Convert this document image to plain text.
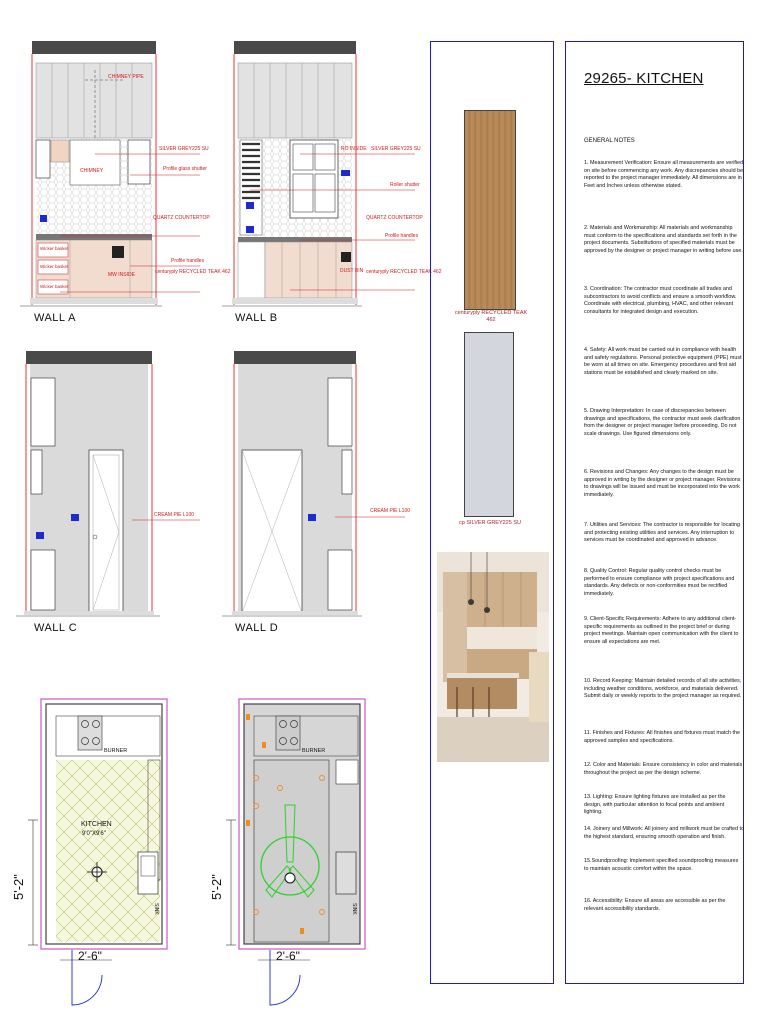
CHIMNEY PIPE
CHIMNEY
SILVER GREY225 SU
Profile glass shutter
QUARTZ COUNTERTOP
Profile handles
centuryply RECYCLED TEAK 462
Wicker basket
Wicker basket
Wicker basket
MW INSIDE
RO INSIDE SILVER GREY225 SU
Roller shutter
QUARTZ COUNTERTOP
Profile handles
centuryply RECYCLED TEAK 462
DUST BIN
CREAM PIE L100
CREAM PIE L100
BURNER
SINK
KITCHEN
9'0"X9'6"
5'-2"
2'-6"
BURNER
SINK
5'-2"
2'-6"
WALL A	WALL B
WALL C	WALL D
centuryply RECYCLED TEAK 462
cp SILVER GREY225 SU
29265- KITCHEN
GENERAL NOTES
1. Measurement Verification: Ensure all measurements are verified on site before commencing any work. Any discrepancies should be reported to the project manager immediately. All dimensions are in Feet and Inches unless otherwise stated.
2. Materials and Workmanship: All materials and workmanship must conform to the specifications and standards set forth in the project documents. Substitutions of specified materials must be approved by the designer or project manager in writing before use.
3. Coordination: The contractor must coordinate all trades and subcontractors to avoid conflicts and ensure a smooth workflow. Coordinate with electrical, plumbing, HVAC, and other relevant consultants for integrated design and execution.
4. Safety: All work must be carried out in compliance with health and safety regulations. Personal protective equipment (PPE) must be worn at all times on site. Emergency procedures and first aid stations must be established and clearly marked on site.
5. Drawing Interpretation: In case of discrepancies between drawings and specifications, the contractor must seek clarification from the designer or project manager before proceeding. Do not scale drawings. Use figured dimensions only.
6. Revisions and Changes: Any changes to the design must be approved in writing by the designer or project manager. Revisions to drawings will be issued and must be incorporated into the work immediately.
7. Utilities and Services: The contractor is responsible for locating and protecting existing utilities and services. Any interruption to services must be coordinated and approved in advance.
8. Quality Control: Regular quality control checks must be performed to ensure compliance with project specifications and standards. Any defects or non-conformities must be rectified immediately.
9. Client-Specific Requirements: Adhere to any additional client-specific requirements as outlined in the project brief or during project meetings. Maintain open communication with the client to ensure all expectations are met.
10. Record Keeping: Maintain detailed records of all site activities, including weather conditions, workforce, and materials delivered. Submit daily or weekly reports to the project manager as required.
11. Finishes and Fixtures: All finishes and fixtures must match the approved samples and specifications.
12. Color and Materials: Ensure consistency in color and materials throughout the project as per the design scheme.
13. Lighting: Ensure lighting fixtures are installed as per the design, with particular attention to focal points and ambient lighting.
14. Joinery and Millwork: All joinery and millwork must be crafted to the highest standard, ensuring smooth operation and finish.
15.Soundproofing: Implement specified soundproofing measures to maintain acoustic comfort within the space.
16. Accessibility: Ensure all areas are accessible as per the relevant accessibility standards.
